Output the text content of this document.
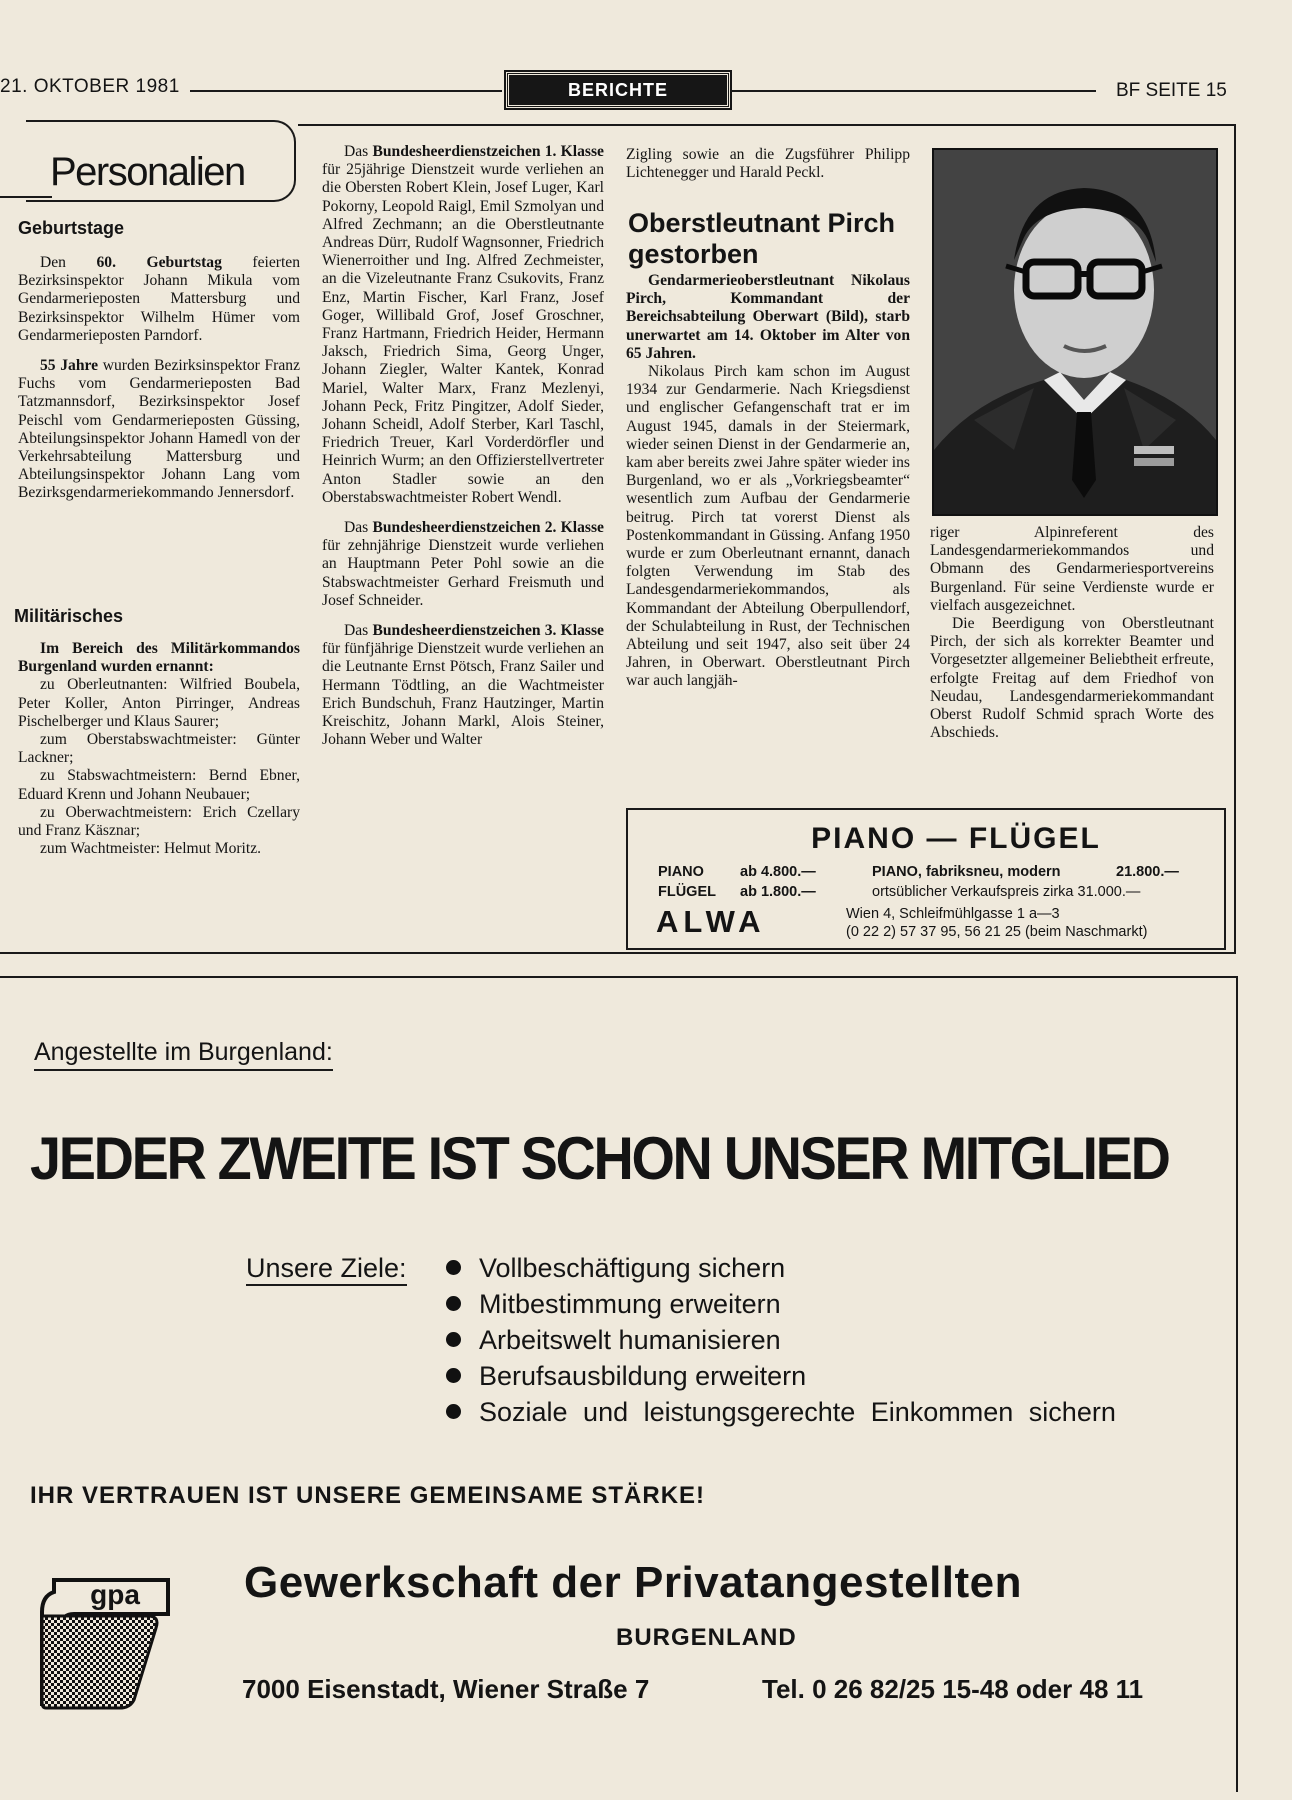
21. OKTOBER 1981	BERICHTE	BF SEITE 15
Personalien
Geburtstage

Den 60. Geburtstag feierten Bezirksinspektor Johann Mikula vom Gendarmerieposten Mattersburg und Bezirksinspektor Wilhelm Hümer vom Gendarmerieposten Parndorf.

55 Jahre wurden Bezirksinspektor Franz Fuchs vom Gendarmerieposten Bad Tatzmannsdorf, Bezirksinspektor Josef Peischl vom Gendarmerieposten Güssing, Abteilungsinspektor Johann Hamedl von der Verkehrsabteilung Mattersburg und Abteilungsinspektor Johann Lang vom Bezirksgendarmeriekommando Jennersdorf.

Militärisches

Im Bereich des Militärkommandos Burgenland wurden ernannt:

zu Oberleutnanten: Wilfried Boubela, Peter Koller, Anton Pirringer, Andreas Pischelberger und Klaus Saurer;

zum Oberstabswachtmeister: Günter Lackner;

zu Stabswachtmeistern: Bernd Ebner, Eduard Krenn und Johann Neubauer;

zu Oberwachtmeistern: Erich Czellary und Franz Käsznar;

zum Wachtmeister: Helmut Moritz.

Das Bundesheerdienstzeichen 1. Klasse für 25jährige Dienstzeit wurde verliehen an die Obersten Robert Klein, Josef Luger, Karl Pokorny, Leopold Raigl, Emil Szmolyan und Alfred Zechmann; an die Oberstleutnante Andreas Dürr, Rudolf Wagnsonner, Friedrich Wienerroither und Ing. Alfred Zechmeister, an die Vizeleutnante Franz Csukovits, Franz Enz, Martin Fischer, Karl Franz, Josef Goger, Willibald Grof, Josef Groschner, Franz Hartmann, Friedrich Heider, Hermann Jaksch, Friedrich Sima, Georg Unger, Johann Ziegler, Walter Kantek, Konrad Mariel, Walter Marx, Franz Mezlenyi, Johann Peck, Fritz Pingitzer, Adolf Sieder, Johann Scheidl, Adolf Sterber, Karl Taschl, Friedrich Treuer, Karl Vorderdörfler und Heinrich Wurm; an den Offizierstellvertreter Anton Stadler sowie an den Oberstabswachtmeister Robert Wendl.

Das Bundesheerdienstzeichen 2. Klasse für zehnjährige Dienstzeit wurde verliehen an Hauptmann Peter Pohl sowie an die Stabswachtmeister Gerhard Freismuth und Josef Schneider.

Das Bundesheerdienstzeichen 3. Klasse für fünfjährige Dienstzeit wurde verliehen an die Leutnante Ernst Pötsch, Franz Sailer und Hermann Tödtling, an die Wachtmeister Erich Bundschuh, Franz Hautzinger, Martin Kreischitz, Johann Markl, Alois Steiner, Johann Weber und Walter

Zigling sowie an die Zugsführer Philipp Lichtenegger und Harald Peckl.

Oberstleutnant Pirch gestorben

Gendarmerieoberstleutnant Nikolaus Pirch, Kommandant der Bereichsabteilung Oberwart (Bild), starb unerwartet am 14. Oktober im Alter von 65 Jahren.

Nikolaus Pirch kam schon im August 1934 zur Gendarmerie. Nach Kriegsdienst und englischer Gefangenschaft trat er im August 1945, damals in der Steiermark, wieder seinen Dienst in der Gendarmerie an, kam aber bereits zwei Jahre später wieder ins Burgenland, wo er als „Vorkriegsbeamter“ wesentlich zum Aufbau der Gendarmerie beitrug. Pirch tat vorerst Dienst als Postenkommandant in Güssing. Anfang 1950 wurde er zum Oberleutnant ernannt, danach folgten Verwendung im Stab des Landesgendarmeriekommandos, als Kommandant der Abteilung Oberpullendorf, der Schulabteilung in Rust, der Technischen Abteilung und seit 1947, also seit über 24 Jahren, in Oberwart. Oberstleutnant Pirch war auch langjäh-

riger Alpinreferent des Landesgendarmeriekommandos und Obmann des Gendarmeriesportvereins Burgenland. Für seine Verdienste wurde er vielfach ausgezeichnet.

Die Beerdigung von Oberstleutnant Pirch, der sich als korrekter Beamter und Vorgesetzter allgemeiner Beliebtheit erfreute, erfolgte Freitag auf dem Friedhof von Neudau, Landesgendarmeriekommandant Oberst Rudolf Schmid sprach Worte des Abschieds.

PIANO — FLÜGEL
PIANO ab 4.800.—
FLÜGEL ab 1.800.—
PIANO, fabriksneu, modern	21.800.—
ortsüblicher Verkaufspreis zirka 31.000.—
ALWA	Wien 4, Schleifmühlgasse 1 a—3
(0 22 2) 57 37 95, 56 21 25 (beim Naschmarkt)
Angestellte im Burgenland:
JEDER ZWEITE IST SCHON UNSER MITGLIED
Unsere Ziele:	Vollbeschäftigung sichern
Mitbestimmung erweitern
Arbeitswelt humanisieren
Berufsausbildung erweitern
Soziale und leistungsgerechte Einkommen sichern
IHR VERTRAUEN IST UNSERE GEMEINSAME STÄRKE!
gpa	Gewerkschaft der Privatangestellten
BURGENLAND
7000 Eisenstadt, Wiener Straße 7	Tel. 0 26 82/25 15-48 oder 48 11
